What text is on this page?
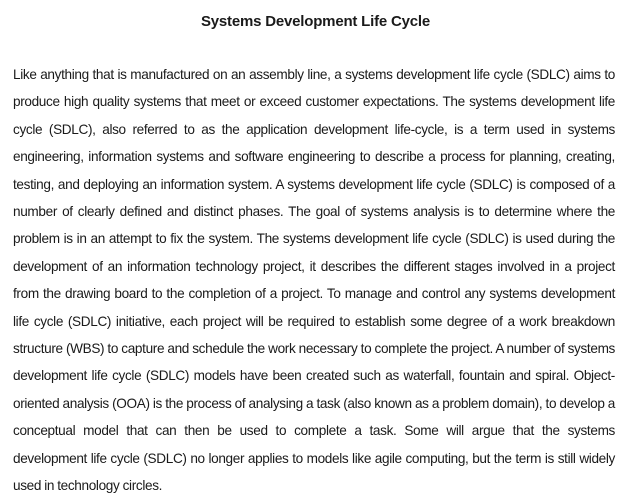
Systems Development Life Cycle

Like anything that is manufactured on an assembly line, a systems development life cycle (SDLC) aims to produce high quality systems that meet or exceed customer expectations. The systems development life cycle (SDLC), also referred to as the application development life-cycle, is a term used in systems engineering, information systems and software engineering to describe a process for planning, creating, testing, and deploying an information system. A systems development life cycle (SDLC) is composed of a number of clearly defined and distinct phases. The goal of systems analysis is to determine where the problem is in an attempt to fix the system. The systems development life cycle (SDLC) is used during the development of an information technology project, it describes the different stages involved in a project from the drawing board to the completion of a project. To manage and control any systems development life cycle (SDLC) initiative, each project will be required to establish some degree of a work breakdown structure (WBS) to capture and schedule the work necessary to complete the project. A number of systems development life cycle (SDLC) models have been created such as waterfall, fountain and spiral. Object-oriented analysis (OOA) is the process of analysing a task (also known as a problem domain), to develop a conceptual model that can then be used to complete a task. Some will argue that the systems development life cycle (SDLC) no longer applies to models like agile computing, but the term is still widely used in technology circles.
